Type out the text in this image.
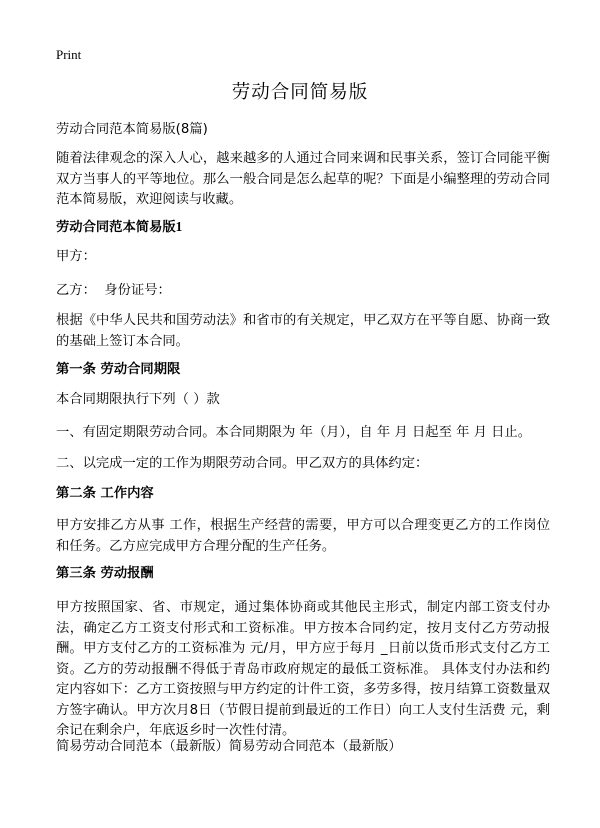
Print
劳动合同简易版

劳动合同范本简易版(8篇)

随着法律观念的深入人心，越来越多的人通过合同来调和民事关系，签订合同能平衡双方当事人的平等地位。那么一般合同是怎么起草的呢？下面是小编整理的劳动合同范本简易版，欢迎阅读与收藏。

劳动合同范本简易版1

甲方：

乙方：  身份证号：

根据《中华人民共和国劳动法》和省市的有关规定，甲乙双方在平等自愿、协商一致的基础上签订本合同。

第一条 劳动合同期限

本合同期限执行下列（ ）款

一、有固定期限劳动合同。本合同期限为 年（月），自 年 月 日起至 年 月 日止。

二、以完成一定的工作为期限劳动合同。甲乙双方的具体约定：

第二条 工作内容

甲方安排乙方从事 工作，根据生产经营的需要，甲方可以合理变更乙方的工作岗位和任务。乙方应完成甲方合理分配的生产任务。

第三条 劳动报酬

甲方按照国家、省、市规定，通过集体协商或其他民主形式，制定内部工资支付办法，确定乙方工资支付形式和工资标准。甲方按本合同约定，按月支付乙方劳动报酬。甲方支付乙方的工资标准为 元/月，甲方应于每月 _日前以货币形式支付乙方工资。乙方的劳动报酬不得低于青岛市政府规定的最低工资标准。 具体支付办法和约定内容如下：乙方工资按照与甲方约定的计件工资，多劳多得，按月结算工资数量双方签字确认。甲方次月8日（节假日提前到最近的工作日）向工人支付生活费 元，剩余记在剩余户，年底返乡时一次性付清。

简易劳动合同范本（最新版）简易劳动合同范本（最新版）
